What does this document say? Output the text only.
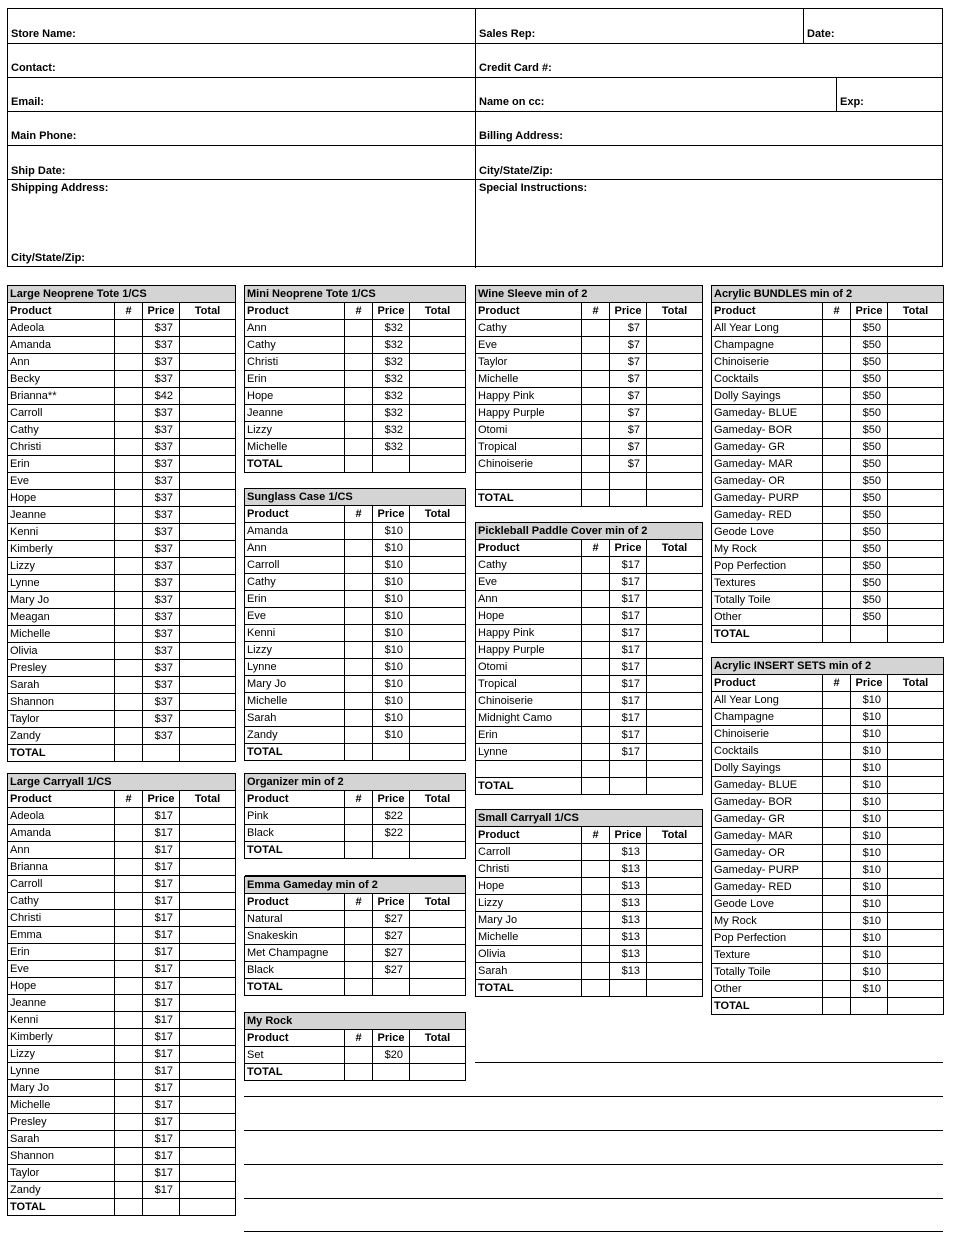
Store Name:	Sales Rep:	Date:
Contact:	Credit Card #:
Email:	Name on cc:	Exp:
Main Phone:	Billing Address:
Ship Date:	City/State/Zip:
Shipping Address:	Special Instructions:
City/State/Zip:
Large Neoprene Tote 1/CS			
Product	#	Price	Total
Adeola		$37	
Amanda		$37	
Ann		$37	
Becky		$37	
Brianna**		$42	
Carroll		$37	
Cathy		$37	
Christi		$37	
Erin		$37	
Eve		$37	
Hope		$37	
Jeanne		$37	
Kenni		$37	
Kimberly		$37	
Lizzy		$37	
Lynne		$37	
Mary Jo		$37	
Meagan		$37	
Michelle		$37	
Olivia		$37	
Presley		$37	
Sarah		$37	
Shannon		$37	
Taylor		$37	
Zandy		$37	
TOTAL			
Large Carryall 1/CS			
Product	#	Price	Total
Adeola		$17	
Amanda		$17	
Ann		$17	
Brianna		$17	
Carroll		$17	
Cathy		$17	
Christi		$17	
Emma		$17	
Erin		$17	
Eve		$17	
Hope		$17	
Jeanne		$17	
Kenni		$17	
Kimberly		$17	
Lizzy		$17	
Lynne		$17	
Mary Jo		$17	
Michelle		$17	
Presley		$17	
Sarah		$17	
Shannon		$17	
Taylor		$17	
Zandy		$17	
TOTAL			
Mini Neoprene Tote 1/CS			
Product	#	Price	Total
Ann		$32	
Cathy		$32	
Christi		$32	
Erin		$32	
Hope		$32	
Jeanne		$32	
Lizzy		$32	
Michelle		$32	
TOTAL			

Sunglass Case 1/CS			
Product	#	Price	Total
Amanda		$10	
Ann		$10	
Carroll		$10	
Cathy		$10	
Erin		$10	
Eve		$10	
Kenni		$10	
Lizzy		$10	
Lynne		$10	
Mary Jo		$10	
Michelle		$10	
Sarah		$10	
Zandy		$10	
TOTAL			
Organizer min of 2			
Product	#	Price	Total
Pink		$22	
Black		$22	
TOTAL			

Emma Gameday min of 2			
Product	#	Price	Total
Natural		$27	
Snakeskin		$27	
Met Champagne		$27	
Black		$27	
TOTAL			

My Rock			
Product	#	Price	Total
Set		$20	
TOTAL			
Wine Sleeve min of 2			
Product	#	Price	Total
Cathy		$7	
Eve		$7	
Taylor		$7	
Michelle		$7	
Happy Pink		$7	
Happy Purple		$7	
Otomi		$7	
Tropical		$7	
Chinoiserie		$7	

TOTAL			
Pickleball Paddle Cover min of 2			
Product	#	Price	Total
Cathy		$17	
Eve		$17	
Ann		$17	
Hope		$17	
Happy Pink		$17	
Happy Purple		$17	
Otomi		$17	
Tropical		$17	
Chinoiserie		$17	
Midnight Camo		$17	
Erin		$17	
Lynne		$17	

TOTAL			
Small Carryall 1/CS			
Product	#	Price	Total
Carroll		$13	
Christi		$13	
Hope		$13	
Lizzy		$13	
Mary Jo		$13	
Michelle		$13	
Olivia		$13	
Sarah		$13	
TOTAL			
Acrylic BUNDLES min of 2			
Product	#	Price	Total
All Year Long		$50	
Champagne		$50	
Chinoiserie		$50	
Cocktails		$50	
Dolly Sayings		$50	
Gameday- BLUE		$50	
Gameday- BOR		$50	
Gameday- GR		$50	
Gameday- MAR		$50	
Gameday- OR		$50	
Gameday- PURP		$50	
Gameday- RED		$50	
Geode Love		$50	
My Rock		$50	
Pop Perfection		$50	
Textures		$50	
Totally Toile		$50	
Other		$50	
TOTAL			

Acrylic INSERT SETS min of 2			
Product	#	Price	Total
All Year Long		$10	
Champagne		$10	
Chinoiserie		$10	
Cocktails		$10	
Dolly Sayings		$10	
Gameday- BLUE		$10	
Gameday- BOR		$10	
Gameday- GR		$10	
Gameday- MAR		$10	
Gameday- OR		$10	
Gameday- PURP		$10	
Gameday- RED		$10	
Geode Love		$10	
My Rock		$10	
Pop Perfection		$10	
Texture		$10	
Totally Toile		$10	
Other		$10	
TOTAL			
